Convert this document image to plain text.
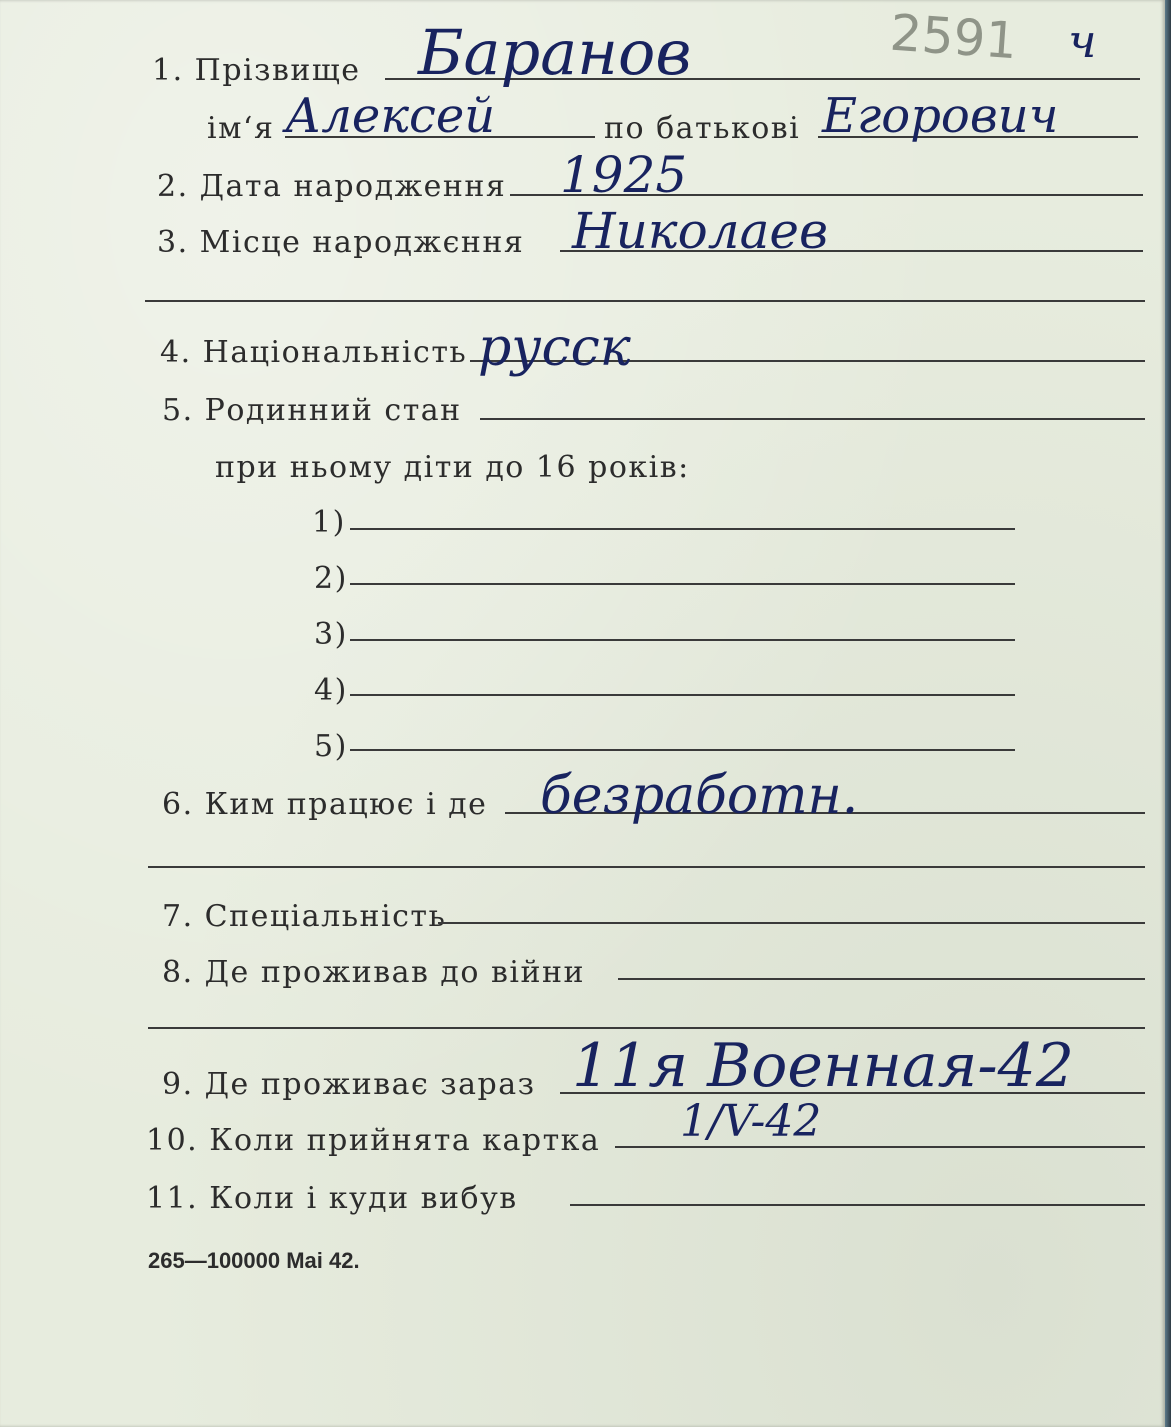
2591 ч
1. Прізвище Баранов
ім‘я Алексей	по батькові Егорович
2. Дата народження 1925
3. Місце народжєння Николаев
4. Національність русск
5. Родинний стан
при ньому діти до 16 років:
1)
2)
3)
4)
5)
6. Ким працює і де безработн.
7. Спеціальність
8. Де проживав до війни
9. Де проживає зараз 11я Военная-42
10. Коли прийнята картка 1/V-42
11. Коли і куди вибув
265—100000 Mai 42.
